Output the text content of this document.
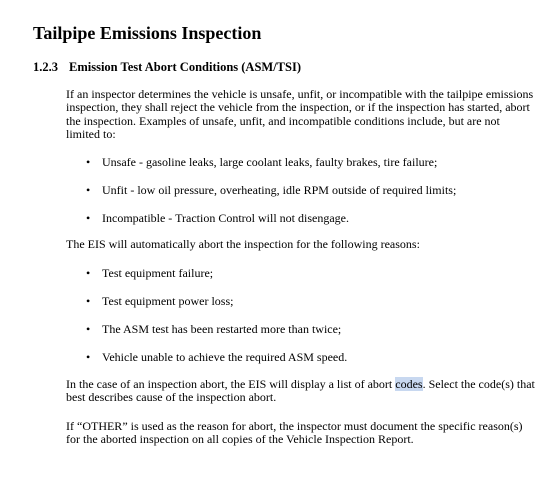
Tailpipe Emissions Inspection
1.2.3 Emission Test Abort Conditions (ASM/TSI)

If an inspector determines the vehicle is unsafe, unfit, or incompatible with the tailpipe emissions inspection, they shall reject the vehicle from the inspection, or if the inspection has started, abort the inspection. Examples of unsafe, unfit, and incompatible conditions include, but are not limited to:

• Unsafe - gasoline leaks, large coolant leaks, faulty brakes, tire failure;

• Unfit - low oil pressure, overheating, idle RPM outside of required limits;

• Incompatible - Traction Control will not disengage.

The EIS will automatically abort the inspection for the following reasons:

• Test equipment failure;

• Test equipment power loss;

• The ASM test has been restarted more than twice;

• Vehicle unable to achieve the required ASM speed.

In the case of an inspection abort, the EIS will display a list of abort codes. Select the code(s) that best describes cause of the inspection abort.

If “OTHER” is used as the reason for abort, the inspector must document the specific reason(s) for the aborted inspection on all copies of the Vehicle Inspection Report.
